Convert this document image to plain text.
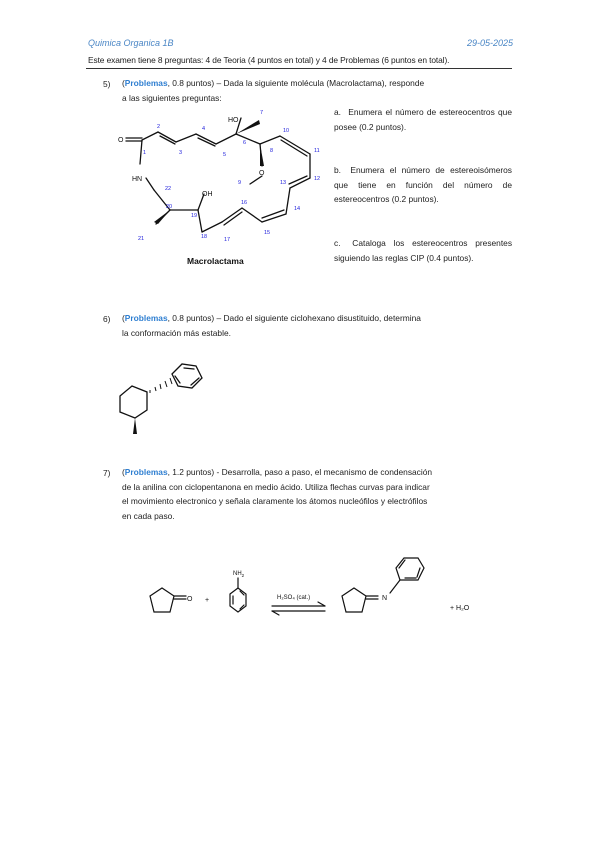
Quimica Organica 1B	29-05-2025
Este examen tiene 8 preguntas: 4 de Teoria (4 puntos en total) y 4 de Problemas (6 puntos en total).
5) (Problemas, 0.8 puntos) – Dada la siguiente molécula (Macrolactama), responde
a las siguientes preguntas:
O
HN
HO
OH
O
1
2
3
4
5
6
7
8
9
10
11
12
13
14
15
16
17
18
19
20
21
22
Macrolactama
a. Enumera el número de estereocentros que posee (0.2 puntos).
b. Enumera el número de estereoisómeros que tiene en función del número de estereocentros (0.2 puntos).
c. Cataloga los estereocentros presentes siguiendo las reglas CIP (0.4 puntos).
6) (Problemas, 0.8 puntos) – Dado el siguiente ciclohexano disustituido, determina
la conformación más estable.
7) (Problemas, 1.2 puntos) - Desarrolla, paso a paso, el mecanismo de condensación
de la anilina con ciclopentanona en medio ácido. Utiliza flechas curvas para indicar
el movimiento electronico y señala claramente los átomos nucleófilos y electrófilos
en cada paso.
O +
$NH_2$
H₂SO₄ (cat.)	N
+ H₂O
